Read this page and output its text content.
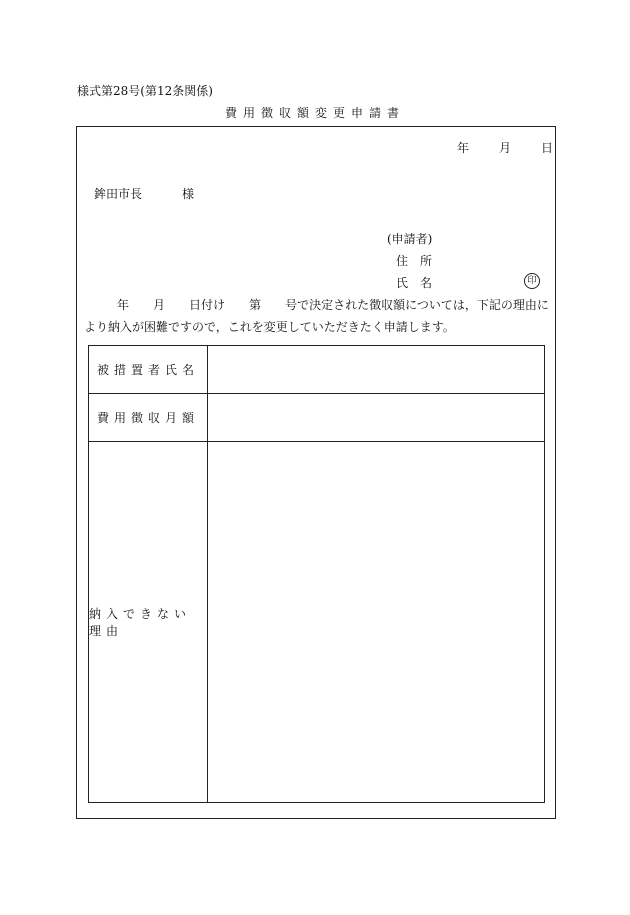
様式第28号(第12条関係)
費用徴収額変更申請書
年	月	日
鉾田市長	様
(申請者)
住所
氏名	印
年 月 日付け 第 号で決定された徴収額については，下記の理由に
より納入が困難ですので，これを変更していただきたく申請します。
被措置者氏名
費用徴収月額
納入できない理由
